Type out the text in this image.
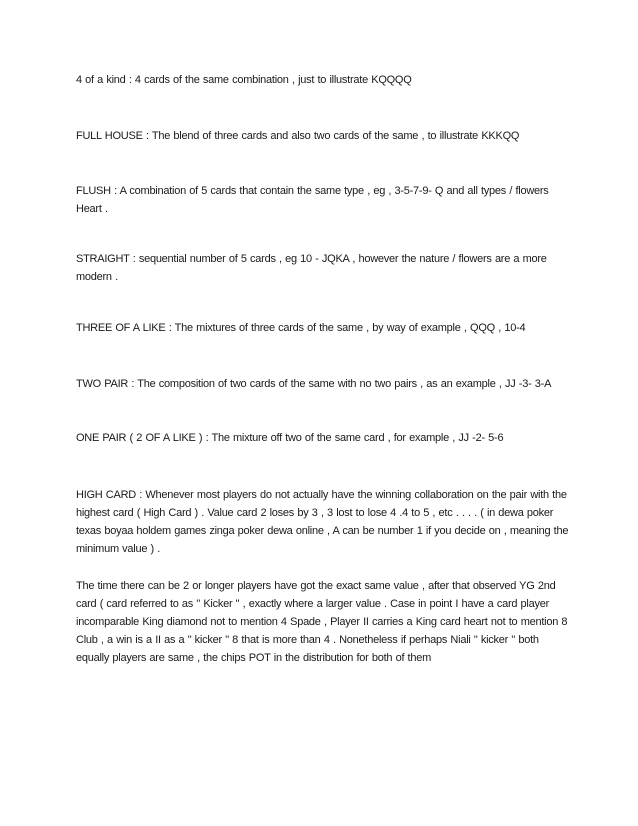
4 of a kind : 4 cards of the same combination , just to illustrate KQQQQ

FULL HOUSE : The blend of three cards and also two cards of the same , to illustrate KKKQQ

FLUSH : A combination of 5 cards that contain the same type , eg , 3-5-7-9- Q and all types / flowers Heart .

STRAIGHT : sequential number of 5 cards , eg 10 - JQKA , however the nature / flowers are a more modern .

THREE OF A LIKE : The mixtures of three cards of the same , by way of example , QQQ , 10-4

TWO PAIR : The composition of two cards of the same with no two pairs , as an example , JJ -3- 3-A

ONE PAIR ( 2 OF A LIKE ) : The mixture off two of the same card , for example , JJ -2- 5-6

HIGH CARD : Whenever most players do not actually have the winning collaboration on the pair with the highest card ( High Card ) . Value card 2 loses by 3 , 3 lost to lose 4 .4 to 5 , etc . . . . ( in dewa poker texas boyaa holdem games zinga poker dewa online , A can be number 1 if you decide on , meaning the minimum value ) .

The time there can be 2 or longer players have got the exact same value , after that observed YG 2nd card ( card referred to as " Kicker " , exactly where a larger value . Case in point I have a card player incomparable King diamond not to mention 4 Spade , Player II carries a King card heart not to mention 8 Club , a win is a II as a " kicker " 8 that is more than 4 . Nonetheless if perhaps Niali " kicker " both equally players are same , the chips POT in the distribution for both of them
